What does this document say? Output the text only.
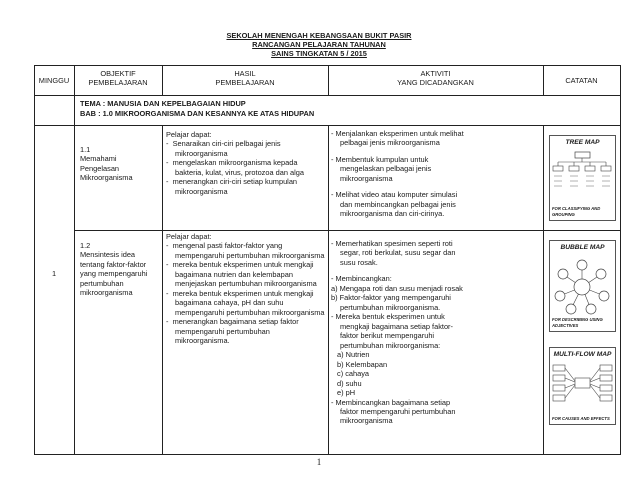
SEKOLAH MENENGAH KEBANGSAAN BUKIT PASIR
RANCANGAN PELAJARAN TAHUNAN
SAINS TINGKATAN 5 / 2015
MINGGU
OBJEKTIF
PEMBELAJARAN
HASIL
PEMBELAJARAN
AKTIVITI
YANG DICADANGKAN	CATATAN
TEMA : MANUSIA DAN KEPELBAGAIAN HIDUP
BAB : 1.0 MIKROORGANISMA DAN KESANNYA KE ATAS HIDUPAN
1
1.1
Memahami
Pengelasan
Mikroorganisma
Pelajar dapat:
-  Senaraikan ciri-ciri pelbagai jenis mikroorganisma
-  mengelaskan mikroorganisma kepada bakteria, kulat, virus, protozoa dan alga
-  menerangkan ciri-ciri setiap kumpulan mikroorganisma
- Menjalankan eksperimen untuk melihat pelbagai jenis mikroorganisma
- Membentuk kumpulan untuk mengelaskan pelbagai jenis mikroorganisma
- Melihat video atau komputer simulasi dan membincangkan pelbagai jenis mikroorganisma dan ciri-cirinya.
1.2
Mensintesis idea
tentang faktor-faktor
yang mempengaruhi
pertumbuhan
mikroorganisma
Pelajar dapat:
-  mengenal pasti faktor-faktor yang mempengaruhi pertumbuhan mikroorganisma
-  mereka bentuk eksperimen untuk mengkaji bagaimana nutrien dan kelembapan menjejaskan pertumbuhan mikroorganisma
-  mereka bentuk eksperimen untuk mengkaji bagaimana cahaya, pH dan suhu mempengaruhi pertumbuhan mikroorganisma
-  menerangkan bagaimana setiap faktor mempengaruhi pertumbuhan mikroorganisma.
- Memerhatikan spesimen seperti roti segar, roti berkulat, susu segar dan susu rosak.
- Membincangkan:
a) Mengapa roti dan susu menjadi rosak
b) Faktor-faktor yang mempengaruhi pertumbuhan mikroorganisma.
- Mereka bentuk eksperimen untuk mengkaji bagaimana setiap faktor- faktor berikut mempengaruhi pertumbuhan mikroorganisma:
a) Nutrien
b) Kelembapan
c) cahaya
d) suhu
e) pH
- Membincangkan bagaimana setiap faktor mempengaruhi pertumbuhan mikroorganisma
TREE MAP
FOR CLASSIFYING AND GROUPING
BUBBLE MAP
FOR DESCRIBING USING ADJECTIVES
MULTI-FLOW MAP
FOR CAUSES AND EFFECTS
1
